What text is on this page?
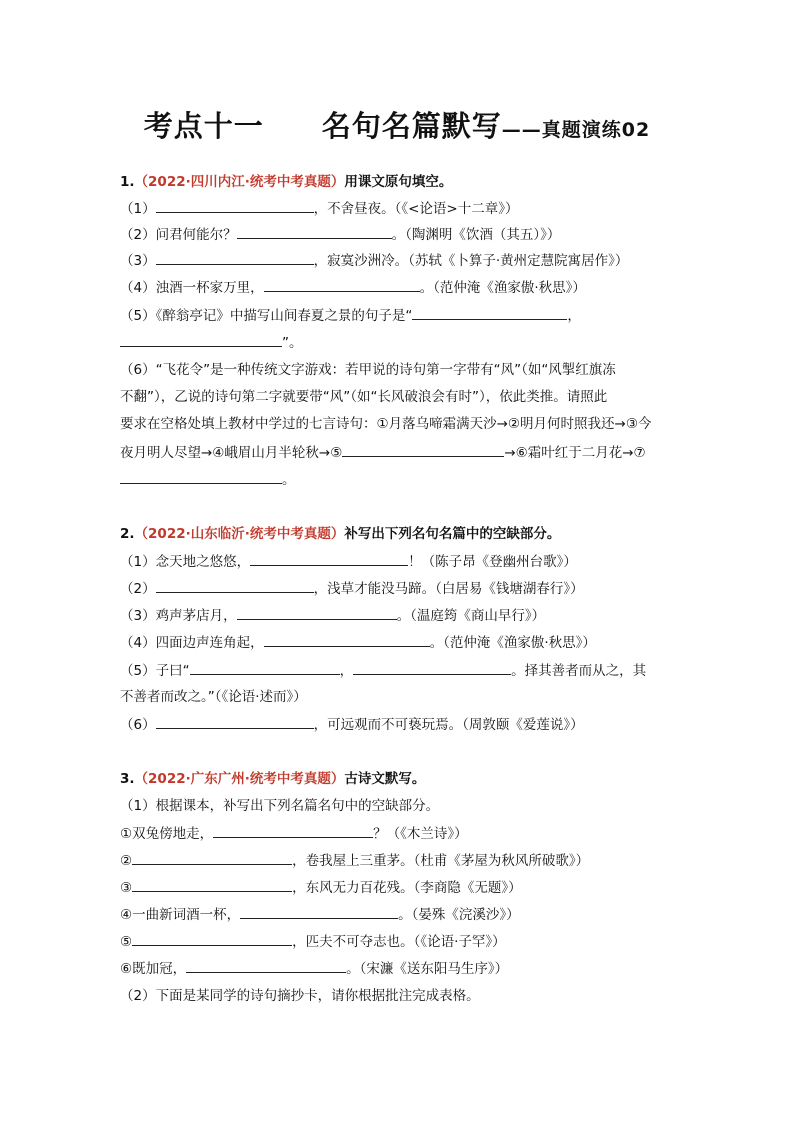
考点十一 名句名篇默写——真题演练02
1.（2022·四川内江·统考中考真题）用课文原句填空。
（1）	，不舍昼夜。（《<论语>十二章》）
（2）问君何能尔？	。（陶渊明《饮酒（其五）》）
（3）	，寂寞沙洲冷。（苏轼《卜算子·黄州定慧院寓居作》）
（4）浊酒一杯家万里，	。（范仲淹《渔家傲·秋思》）
（5）《醉翁亭记》中描写山间春夏之景的句子是“	，
”。
（6）“飞花令”是一种传统文字游戏：若甲说的诗句第一字带有“风”（如“风掣红旗冻
不翻”），乙说的诗句第二字就要带“风”（如“长风破浪会有时”），依此类推。请照此
要求在空格处填上教材中学过的七言诗句：①月落乌啼霜满天沙→②明月何时照我还→③今
夜月明人尽望→④峨眉山月半轮秋→⑤	→⑥霜叶红于二月花→⑦
。
2.（2022·山东临沂·统考中考真题）补写出下列名句名篇中的空缺部分。
（1）念天地之悠悠，	！（陈子昂《登幽州台歌》）
（2）	，浅草才能没马蹄。（白居易《钱塘湖春行》）
（3）鸡声茅店月，	。（温庭筠《商山早行》）
（4）四面边声连角起，	。（范仲淹《渔家傲·秋思》）
（5）子曰“	，	。择其善者而从之，其
不善者而改之。”（《论语·述而》）
（6）	，可远观而不可亵玩焉。（周敦颐《爱莲说》）
3.（2022·广东广州·统考中考真题）古诗文默写。
（1）根据课本，补写出下列名篇名句中的空缺部分。
①双兔傍地走，	？（《木兰诗》）
②	，卷我屋上三重茅。（杜甫《茅屋为秋风所破歌》）
③	，东风无力百花残。（李商隐《无题》）
④一曲新词酒一杯，	。（晏殊《浣溪沙》）
⑤	，匹夫不可夺志也。（《论语·子罕》）
⑥既加冠，	。（宋濂《送东阳马生序》）
（2）下面是某同学的诗句摘抄卡，请你根据批注完成表格。
